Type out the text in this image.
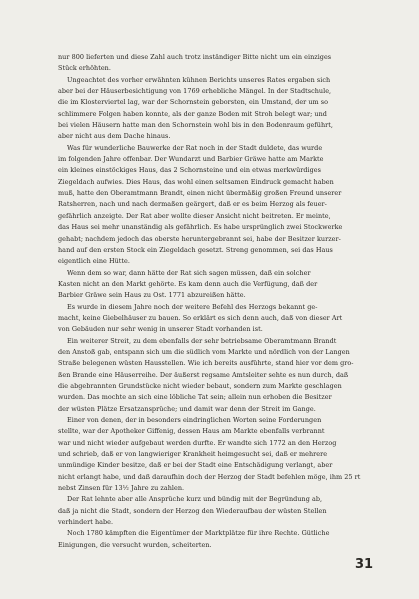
nur 800 lieferten und diese Zahl auch trotz inständiger Bitte nicht um ein einziges
Stück erhöhten.

Ungeachtet des vorher erwähnten kühnen Berichts unseres Rates ergaben sich
aber bei der Häuserbesichtigung von 1769 erhebliche Mängel. In der Stadtschule,
die im Klosterviertel lag, war der Schornstein geborsten, ein Umstand, der um so
schlimmere Folgen haben konnte, als der ganze Boden mit Stroh belegt war; und
bei vielen Häusern hatte man den Schornstein wohl bis in den Bodenraum geführt,
aber nicht aus dem Dache hinaus.

Was für wunderliche Bauwerke der Rat noch in der Stadt duldete, das wurde
im folgenden Jahre offenbar. Der Wundarzt und Barbier Gräwe hatte am Markte
ein kleines einstöckiges Haus, das 2 Schornsteine und ein etwas merkwürdiges
Ziegeldach aufwies. Dies Haus, das wohl einen seltsamen Eindruck gemacht haben
muß, hatte den Oberamtmann Brandt, einen nicht übermäßig großen Freund unserer
Ratsherren, nach und nach dermaßen geärgert, daß er es beim Herzog als feuer-
gefährlich anzeigte. Der Rat aber wollte dieser Ansicht nicht beitreten. Er meinte,
das Haus sei mehr unanständig als gefährlich. Es habe ursprünglich zwei Stockwerke
gehabt; nachdem jedoch das oberste heruntergebrannt sei, habe der Besitzer kurzer-
hand auf den ersten Stock ein Ziegeldach gesetzt. Streng genommen, sei das Haus
eigentlich eine Hütte.

Wenn dem so war, dann hätte der Rat sich sagen müssen, daß ein solcher
Kasten nicht an den Markt gehörte. Es kam denn auch die Verfügung, daß der
Barbier Gräwe sein Haus zu Ost. 1771 abzureißen hätte.

Es wurde in diesem Jahre noch der weitere Befehl des Herzogs bekannt ge-
macht, keine Giebelhäuser zu bauen. So erklärt es sich denn auch, daß von dieser Art
von Gebäuden nur sehr wenig in unserer Stadt vorhanden ist.

Ein weiterer Streit, zu dem ebenfalls der sehr betriebsame Oberamtmann Brandt
den Anstoß gab, entspann sich um die südlich vom Markte und nördlich von der Langen
Straße belegenen wüsten Hausstellen. Wie ich bereits ausführte, stand hier vor dem gro-
ßen Brande eine Häuserreihe. Der äußerst regsame Amtsleiter sehte es nun durch, daß
die abgebrannten Grundstücke nicht wieder bebaut, sondern zum Markte geschlagen
wurden. Das mochte an sich eine löbliche Tat sein; allein nun erhoben die Besitzer
der wüsten Plätze Ersatzansprüche; und damit war denn der Streit im Gange.

Einer von denen, der in besonders eindringlichen Worten seine Forderungen
stellte, war der Apotheker Giffenig, dessen Haus am Markte ebenfalls verbrannt
war und nicht wieder aufgebaut werden durfte. Er wandte sich 1772 an den Herzog
und schrieb, daß er von langwieriger Krankheit heimgesucht sei, daß er mehrere
unmündige Kinder besitze, daß er bei der Stadt eine Entschädigung verlangt, aber
nicht erlangt habe, und daß daraufhin doch der Herzog der Stadt befehlen möge, ihm 25 rt
nebst Zinsen für 13½ Jahre zu zahlen.

Der Rat lehnte aber alle Ansprüche kurz und bündig mit der Begründung ab,
daß ja nicht die Stadt, sondern der Herzog den Wiederaufbau der wüsten Stellen
verhindert habe.

Noch 1780 kämpften die Eigentümer der Marktplätze für ihre Rechte. Gütliche
Einigungen, die versucht wurden, scheiterten.

31
